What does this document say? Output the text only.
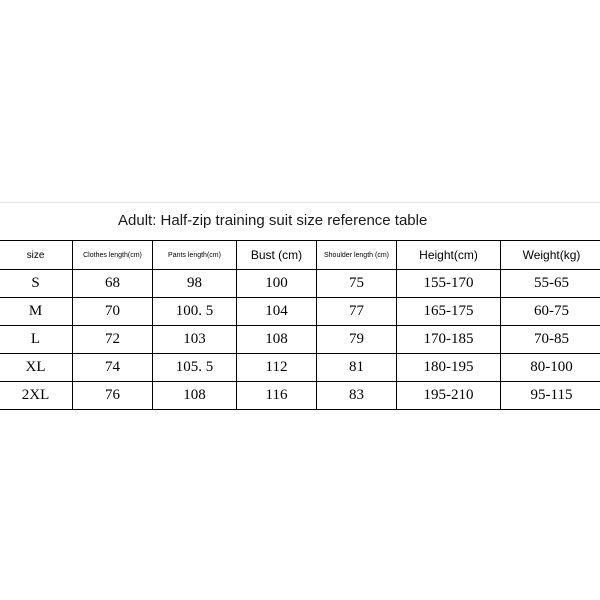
Adult: Half-zip training suit size reference table
size	Clothes length(cm)	Pants length(cm)	Bust (cm)	Shoulder length (cm)	Height(cm)	Weight(kg)
S	68	98	100	75	155-170	55-65
M	70	100. 5	104	77	165-175	60-75
L	72	103	108	79	170-185	70-85
XL	74	105. 5	112	81	180-195	80-100
2XL	76	108	116	83	195-210	95-115
